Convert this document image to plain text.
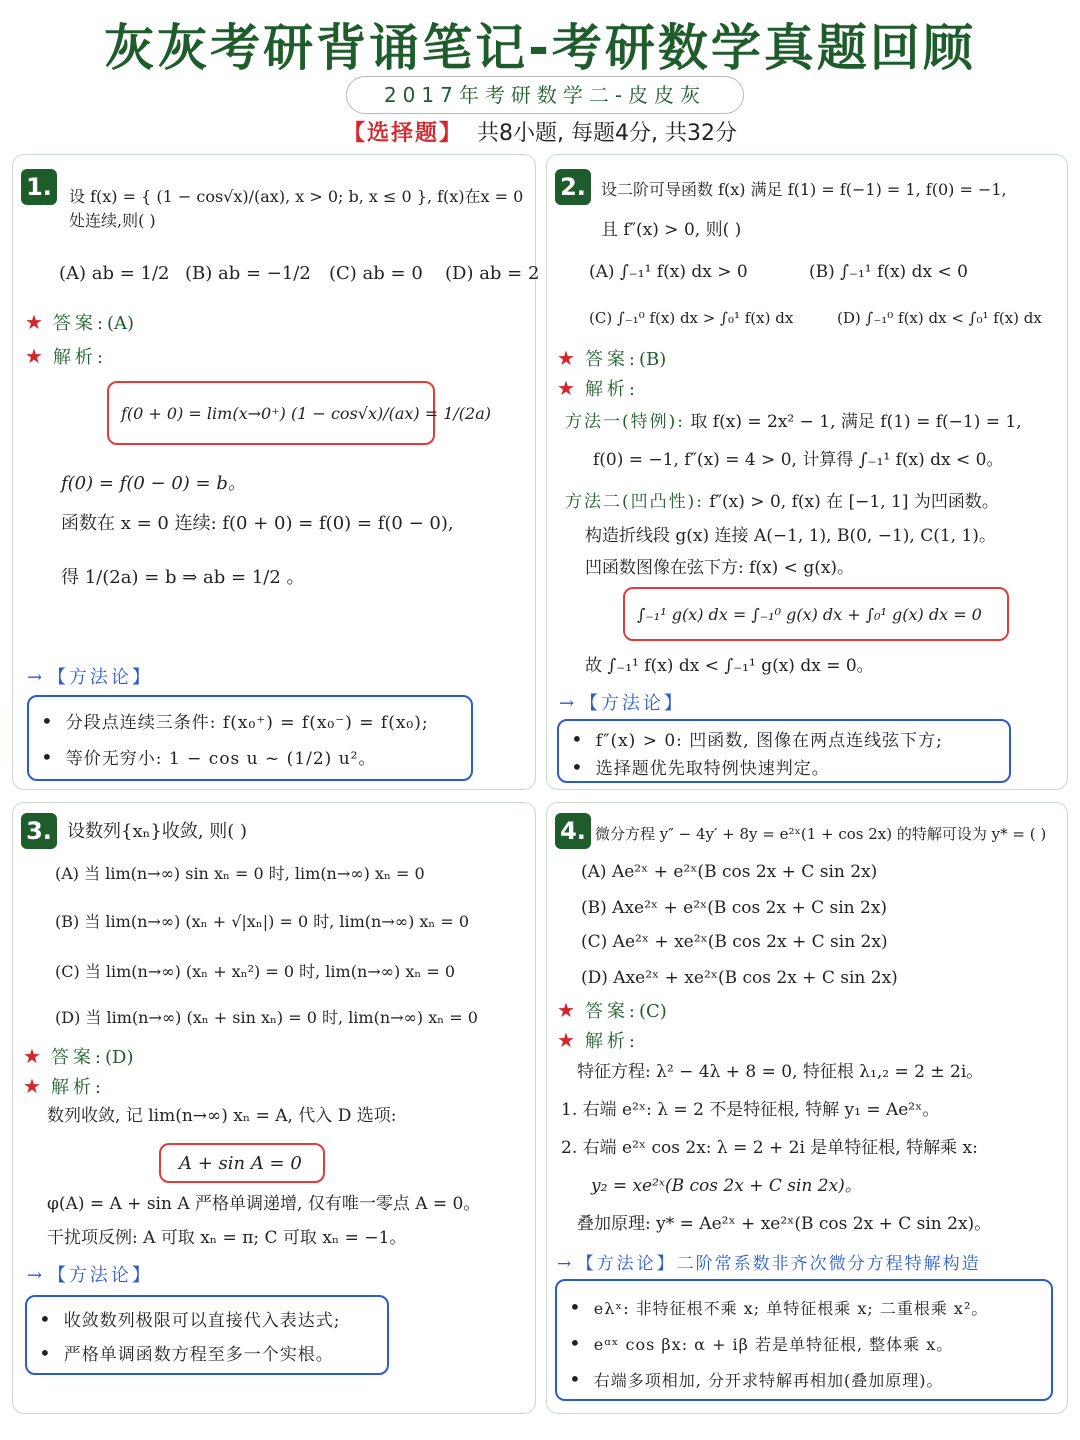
灰灰考研背诵笔记-考研数学真题回顾
2017年考研数学二-皮皮灰
【选择题】 共8小题, 每题4分, 共32分
1.	设 f(x) = { (1 − cos√x)/(ax), x > 0; b, x ≤ 0 }, f(x)在x = 0处连续,则( )
(A) ab = 1/2 (B) ab = −1/2 (C) ab = 0 (D) ab = 2
★ 答案:(A)
★ 解析:
f(0 + 0) = lim(x→0⁺) (1 − cos√x)/(ax) = 1/(2a)
f(0) = f(0 − 0) = b。
函数在 x = 0 连续: f(0 + 0) = f(0) = f(0 − 0),
得 1/(2a) = b ⇒ ab = 1/2 。
→ 【方法论】
• 分段点连续三条件: f(x₀⁺) = f(x₀⁻) = f(x₀);
• 等价无穷小: 1 − cos u ~ (1/2) u²。
2. 设二阶可导函数 f(x) 满足 f(1) = f(−1) = 1, f(0) = −1,
且 f″(x) > 0, 则( )
(A) ∫₋₁¹ f(x) dx > 0	(B) ∫₋₁¹ f(x) dx < 0
(C) ∫₋₁⁰ f(x) dx > ∫₀¹ f(x) dx	(D) ∫₋₁⁰ f(x) dx < ∫₀¹ f(x) dx
★ 答案:(B)
★ 解析:
方法一(特例): 取 f(x) = 2x² − 1, 满足 f(1) = f(−1) = 1,
f(0) = −1, f″(x) = 4 > 0, 计算得 ∫₋₁¹ f(x) dx < 0。
方法二(凹凸性): f″(x) > 0, f(x) 在 [−1, 1] 为凹函数。
构造折线段 g(x) 连接 A(−1, 1), B(0, −1), C(1, 1)。
凹函数图像在弦下方: f(x) < g(x)。
∫₋₁¹ g(x) dx = ∫₋₁⁰ g(x) dx + ∫₀¹ g(x) dx = 0
故 ∫₋₁¹ f(x) dx < ∫₋₁¹ g(x) dx = 0。
→ 【方法论】
• f″(x) > 0: 凹函数, 图像在两点连线弦下方;
• 选择题优先取特例快速判定。
3. 设数列{xₙ}收敛, 则( )
(A) 当 lim(n→∞) sin xₙ = 0 时, lim(n→∞) xₙ = 0
(B) 当 lim(n→∞) (xₙ + √|xₙ|) = 0 时, lim(n→∞) xₙ = 0
(C) 当 lim(n→∞) (xₙ + xₙ²) = 0 时, lim(n→∞) xₙ = 0
(D) 当 lim(n→∞) (xₙ + sin xₙ) = 0 时, lim(n→∞) xₙ = 0
★ 答案:(D)
★ 解析:
数列收敛, 记 lim(n→∞) xₙ = A, 代入 D 选项:
A + sin A = 0
φ(A) = A + sin A 严格单调递增, 仅有唯一零点 A = 0。
干扰项反例: A 可取 xₙ = π; C 可取 xₙ = −1。
→ 【方法论】
• 收敛数列极限可以直接代入表达式;
• 严格单调函数方程至多一个实根。
4. 微分方程 y″ − 4y′ + 8y = e²ˣ(1 + cos 2x) 的特解可设为 y* = ( )
(A) Ae²ˣ + e²ˣ(B cos 2x + C sin 2x)
(B) Axe²ˣ + e²ˣ(B cos 2x + C sin 2x)
(C) Ae²ˣ + xe²ˣ(B cos 2x + C sin 2x)
(D) Axe²ˣ + xe²ˣ(B cos 2x + C sin 2x)
★ 答案:(C)
★ 解析:
特征方程: λ² − 4λ + 8 = 0, 特征根 λ₁,₂ = 2 ± 2i。
1. 右端 e²ˣ: λ = 2 不是特征根, 特解 y₁ = Ae²ˣ。
2. 右端 e²ˣ cos 2x: λ = 2 + 2i 是单特征根, 特解乘 x:
y₂ = xe²ˣ(B cos 2x + C sin 2x)。
叠加原理: y* = Ae²ˣ + xe²ˣ(B cos 2x + C sin 2x)。
→ 【方法论】二阶常系数非齐次微分方程特解构造
• eλˣ: 非特征根不乘 x; 单特征根乘 x; 二重根乘 x²。
• eᵅˣ cos βx: α + iβ 若是单特征根, 整体乘 x。
• 右端多项相加, 分开求特解再相加(叠加原理)。
